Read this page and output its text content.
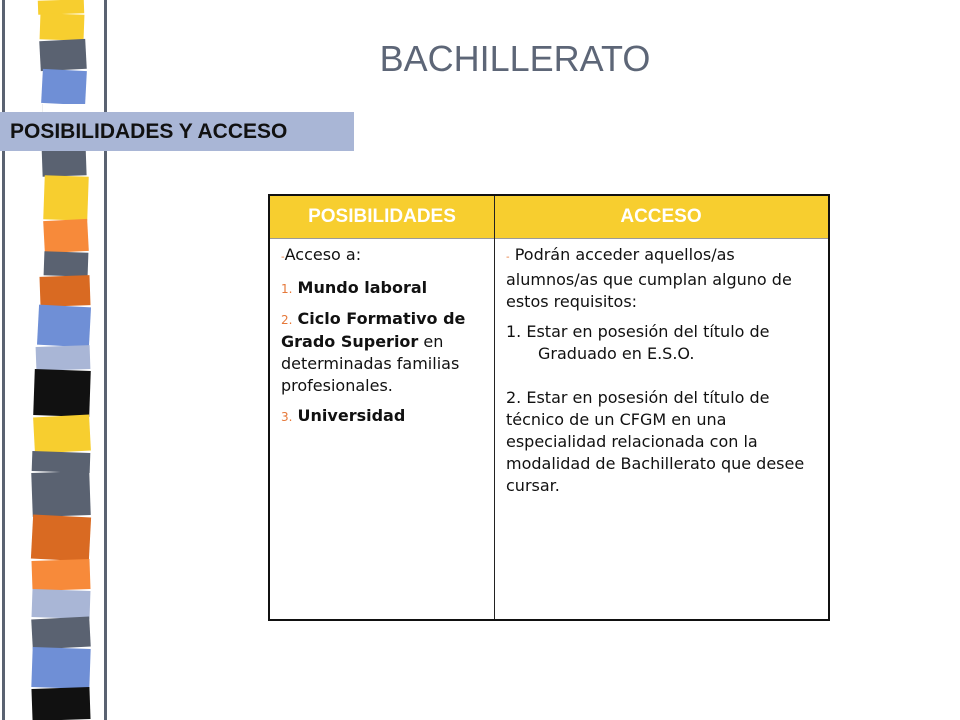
BACHILLERATO
POSIBILIDADES Y ACCESO
POSIBILIDADES	ACCESO

-Acceso a:

1. Mundo laboral

2. Ciclo Formativo de Grado Superior en determinadas familias profesionales.

3. Universidad

- Podrán acceder aquellos/as alumnos/as que cumplan alguno de estos requisitos:

1. Estar en posesión del título de
Graduado en E.S.O.

2. Estar en posesión del título de técnico de un CFGM en una especialidad relacionada con la modalidad de Bachillerato que desee cursar.
